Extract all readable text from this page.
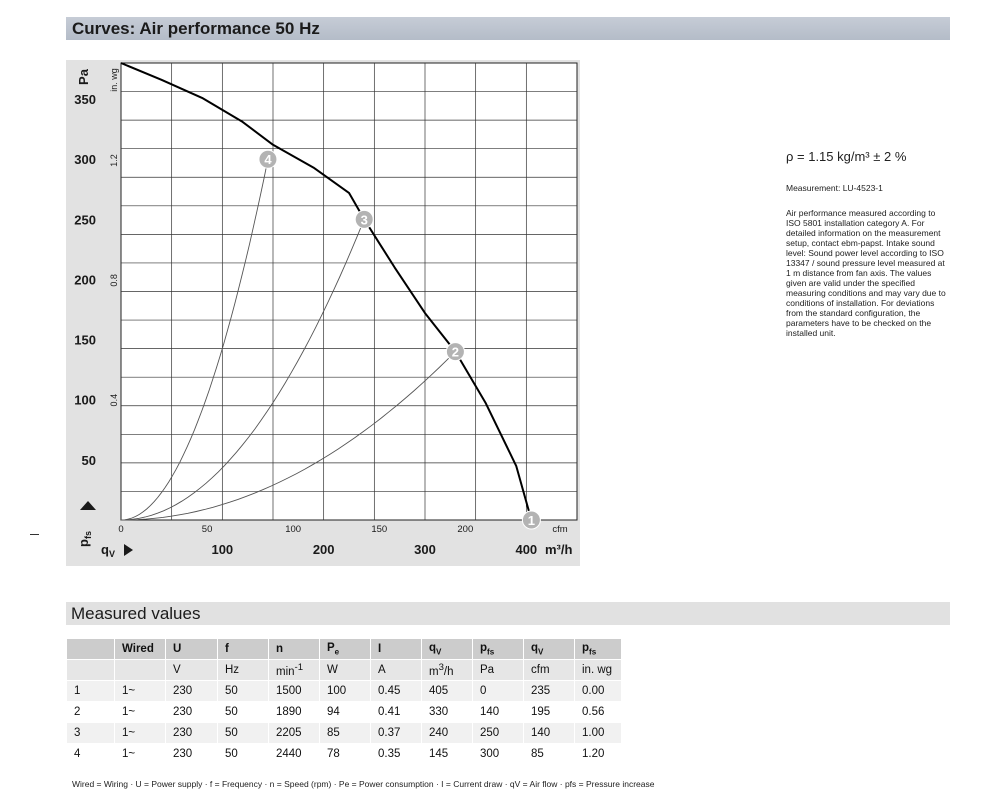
Curves: Air performance 50 Hz
350
300
250
200
150
100
50
1.2
0.8
0.4
Pa in. wg
$p_{fs}$
0	50	100	150	200	cfm
100	200	300	400
$q_V$	m³/h
1
2
3
4	ρ = 1.15 kg/m³ ± 2 %
Measurement: LU-4523-1
Air performance measured according to ISO 5801 installation category A. For detailed information on the measurement setup, contact ebm-papst. Intake sound level: Sound power level according to ISO 13347 / sound pressure level measured at 1 m distance from fan axis. The values given are valid under the specified measuring conditions and may vary due to conditions of installation. For deviations from the standard configuration, the parameters have to be checked on the installed unit.
Measured values
	Wired	U	f	n	$P_e$	I	$q_V$	$p_{fs}$	$q_V$	$p_{fs}$
		V	Hz	$\min^{-1}$	W	A	$m^3/h$	Pa	cfm	in. wg
1	1~	230	50	1500	100	0.45	405	0	235	0.00
2	1~	230	50	1890	94	0.41	330	140	195	0.56
3	1~	230	50	2205	85	0.37	240	250	140	1.00
4	1~	230	50	2440	78	0.35	145	300	85	1.20
Wired = Wiring · U = Power supply · f = Frequency · n = Speed (rpm) · Pe = Power consumption · I = Current draw · qV = Air flow · pfs = Pressure increase
